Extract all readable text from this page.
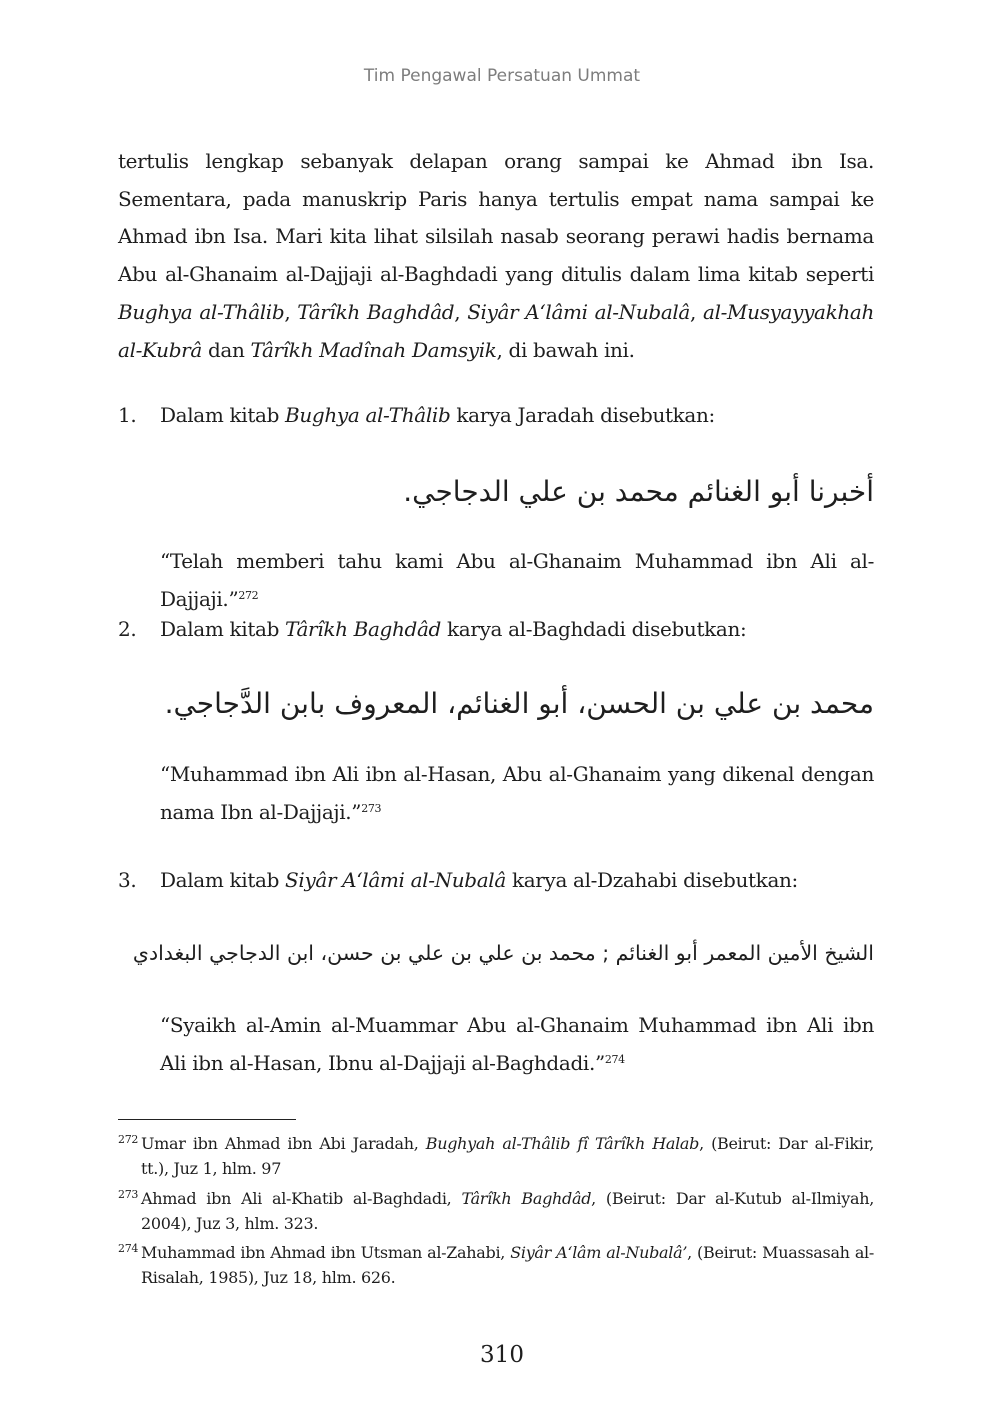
Tim Pengawal Persatuan Ummat

tertulis lengkap sebanyak delapan orang sampai ke Ahmad ibn Isa. Sementara, pada manuskrip Paris hanya tertulis empat nama sampai ke Ahmad ibn Isa. Mari kita lihat silsilah nasab seorang perawi hadis bernama Abu al-Ghanaim al-Dajjaji al-Baghdadi yang ditulis dalam lima kitab seperti Bughya al-Thâlib, Târîkh Baghdâd, Siyâr A‘lâmi al-Nubalâ, al-Musyayyakhah al-Kubrâ dan Târîkh Madînah Damsyik, di bawah ini.

1. Dalam kitab Bughya al-Thâlib karya Jaradah disebutkan:
أخبرنا أبو الغنائم محمد بن علي الدجاجي.

“Telah memberi tahu kami Abu al-Ghanaim Muhammad ibn Ali al-Dajjaji.”$^{272}$

2. Dalam kitab Târîkh Baghdâd karya al-Baghdadi disebutkan:
محمد بن علي بن الحسن، أبو الغنائم، المعروف بابن الدَّجاجي.

“Muhammad ibn Ali ibn al-Hasan, Abu al-Ghanaim yang dikenal dengan nama Ibn al-Dajjaji.”$^{273}$

3. Dalam kitab Siyâr A‘lâmi al-Nubalâ karya al-Dzahabi disebutkan:
الشيخ الأمين المعمر أبو الغنائم ; محمد بن علي بن علي بن حسن، ابن الدجاجي البغدادي

“Syaikh al-Amin al-Muammar Abu al-Ghanaim Muhammad ibn Ali ibn Ali ibn al-Hasan, Ibnu al-Dajjaji al-Baghdadi.”$^{274}$

272 Umar ibn Ahmad ibn Abi Jaradah, Bughyah al-Thâlib fî Târîkh Halab, (Beirut: Dar al-Fikir, tt.), Juz 1, hlm. 97
273 Ahmad ibn Ali al-Khatib al-Baghdadi, Târîkh Baghdâd, (Beirut: Dar al-Kutub al-Ilmiyah, 2004), Juz 3, hlm. 323.
274 Muhammad ibn Ahmad ibn Utsman al-Zahabi, Siyâr A‘lâm al-Nubalâ’, (Beirut: Muassasah al-Risalah, 1985), Juz 18, hlm. 626.
310
